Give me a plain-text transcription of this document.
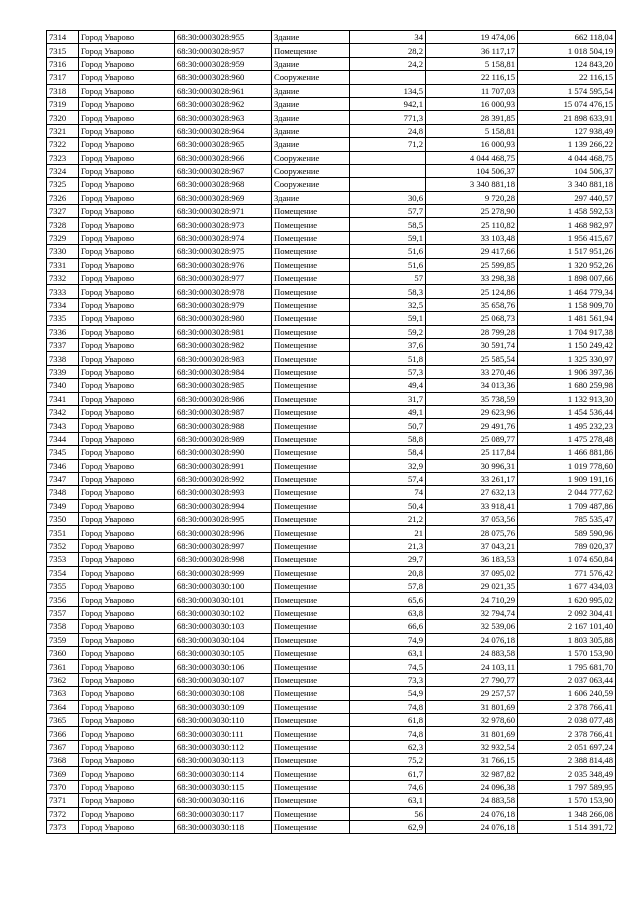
7314	Город Уварово	68:30:0003028:955	Здание	34	19 474,06	662 118,04
7315	Город Уварово	68:30:0003028:957	Помещение	28,2	36 117,17	1 018 504,19
7316	Город Уварово	68:30:0003028:959	Здание	24,2	5 158,81	124 843,20
7317	Город Уварово	68:30:0003028:960	Сооружение		22 116,15	22 116,15
7318	Город Уварово	68:30:0003028:961	Здание	134,5	11 707,03	1 574 595,54
7319	Город Уварово	68:30:0003028:962	Здание	942,1	16 000,93	15 074 476,15
7320	Город Уварово	68:30:0003028:963	Здание	771,3	28 391,85	21 898 633,91
7321	Город Уварово	68:30:0003028:964	Здание	24,8	5 158,81	127 938,49
7322	Город Уварово	68:30:0003028:965	Здание	71,2	16 000,93	1 139 266,22
7323	Город Уварово	68:30:0003028:966	Сооружение		4 044 468,75	4 044 468,75
7324	Город Уварово	68:30:0003028:967	Сооружение		104 506,37	104 506,37
7325	Город Уварово	68:30:0003028:968	Сооружение		3 340 881,18	3 340 881,18
7326	Город Уварово	68:30:0003028:969	Здание	30,6	9 720,28	297 440,57
7327	Город Уварово	68:30:0003028:971	Помещение	57,7	25 278,90	1 458 592,53
7328	Город Уварово	68:30:0003028:973	Помещение	58,5	25 110,82	1 468 982,97
7329	Город Уварово	68:30:0003028:974	Помещение	59,1	33 103,48	1 956 415,67
7330	Город Уварово	68:30:0003028:975	Помещение	51,6	29 417,66	1 517 951,26
7331	Город Уварово	68:30:0003028:976	Помещение	51,6	25 599,85	1 320 952,26
7332	Город Уварово	68:30:0003028:977	Помещение	57	33 298,38	1 898 007,66
7333	Город Уварово	68:30:0003028:978	Помещение	58,3	25 124,86	1 464 779,34
7334	Город Уварово	68:30:0003028:979	Помещение	32,5	35 658,76	1 158 909,70
7335	Город Уварово	68:30:0003028:980	Помещение	59,1	25 068,73	1 481 561,94
7336	Город Уварово	68:30:0003028:981	Помещение	59,2	28 799,28	1 704 917,38
7337	Город Уварово	68:30:0003028:982	Помещение	37,6	30 591,74	1 150 249,42
7338	Город Уварово	68:30:0003028:983	Помещение	51,8	25 585,54	1 325 330,97
7339	Город Уварово	68:30:0003028:984	Помещение	57,3	33 270,46	1 906 397,36
7340	Город Уварово	68:30:0003028:985	Помещение	49,4	34 013,36	1 680 259,98
7341	Город Уварово	68:30:0003028:986	Помещение	31,7	35 738,59	1 132 913,30
7342	Город Уварово	68:30:0003028:987	Помещение	49,1	29 623,96	1 454 536,44
7343	Город Уварово	68:30:0003028:988	Помещение	50,7	29 491,76	1 495 232,23
7344	Город Уварово	68:30:0003028:989	Помещение	58,8	25 089,77	1 475 278,48
7345	Город Уварово	68:30:0003028:990	Помещение	58,4	25 117,84	1 466 881,86
7346	Город Уварово	68:30:0003028:991	Помещение	32,9	30 996,31	1 019 778,60
7347	Город Уварово	68:30:0003028:992	Помещение	57,4	33 261,17	1 909 191,16
7348	Город Уварово	68:30:0003028:993	Помещение	74	27 632,13	2 044 777,62
7349	Город Уварово	68:30:0003028:994	Помещение	50,4	33 918,41	1 709 487,86
7350	Город Уварово	68:30:0003028:995	Помещение	21,2	37 053,56	785 535,47
7351	Город Уварово	68:30:0003028:996	Помещение	21	28 075,76	589 590,96
7352	Город Уварово	68:30:0003028:997	Помещение	21,3	37 043,21	789 020,37
7353	Город Уварово	68:30:0003028:998	Помещение	29,7	36 183,53	1 074 650,84
7354	Город Уварово	68:30:0003028:999	Помещение	20,8	37 095,02	771 576,42
7355	Город Уварово	68:30:0003030:100	Помещение	57,8	29 021,35	1 677 434,03
7356	Город Уварово	68:30:0003030:101	Помещение	65,6	24 710,29	1 620 995,02
7357	Город Уварово	68:30:0003030:102	Помещение	63,8	32 794,74	2 092 304,41
7358	Город Уварово	68:30:0003030:103	Помещение	66,6	32 539,06	2 167 101,40
7359	Город Уварово	68:30:0003030:104	Помещение	74,9	24 076,18	1 803 305,88
7360	Город Уварово	68:30:0003030:105	Помещение	63,1	24 883,58	1 570 153,90
7361	Город Уварово	68:30:0003030:106	Помещение	74,5	24 103,11	1 795 681,70
7362	Город Уварово	68:30:0003030:107	Помещение	73,3	27 790,77	2 037 063,44
7363	Город Уварово	68:30:0003030:108	Помещение	54,9	29 257,57	1 606 240,59
7364	Город Уварово	68:30:0003030:109	Помещение	74,8	31 801,69	2 378 766,41
7365	Город Уварово	68:30:0003030:110	Помещение	61,8	32 978,60	2 038 077,48
7366	Город Уварово	68:30:0003030:111	Помещение	74,8	31 801,69	2 378 766,41
7367	Город Уварово	68:30:0003030:112	Помещение	62,3	32 932,54	2 051 697,24
7368	Город Уварово	68:30:0003030:113	Помещение	75,2	31 766,15	2 388 814,48
7369	Город Уварово	68:30:0003030:114	Помещение	61,7	32 987,82	2 035 348,49
7370	Город Уварово	68:30:0003030:115	Помещение	74,6	24 096,38	1 797 589,95
7371	Город Уварово	68:30:0003030:116	Помещение	63,1	24 883,58	1 570 153,90
7372	Город Уварово	68:30:0003030:117	Помещение	56	24 076,18	1 348 266,08
7373	Город Уварово	68:30:0003030:118	Помещение	62,9	24 076,18	1 514 391,72
